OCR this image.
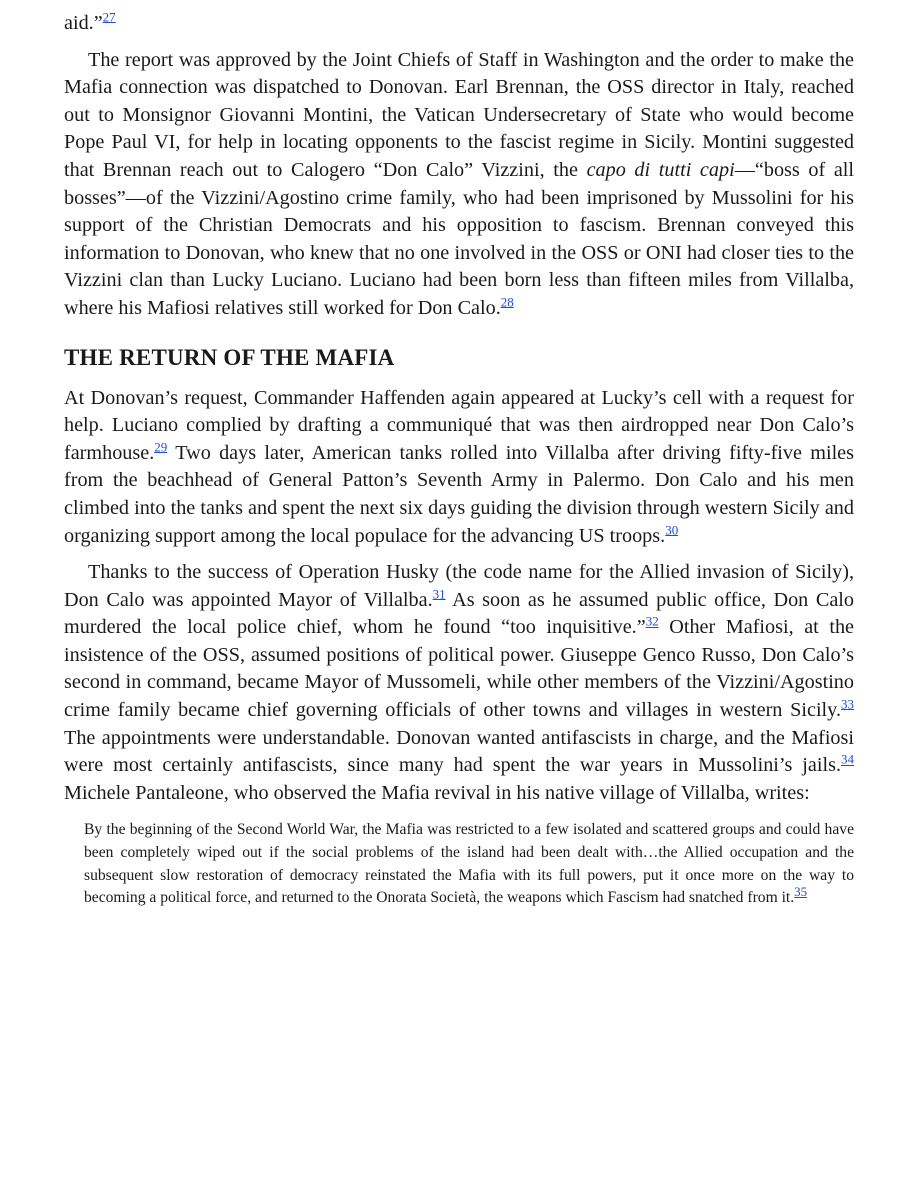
aid.”$^{27}$

The report was approved by the Joint Chiefs of Staff in Washington and the order to make the Mafia connection was dispatched to Donovan. Earl Brennan, the OSS director in Italy, reached out to Monsignor Giovanni Montini, the Vatican Undersecretary of State who would become Pope Paul VI, for help in locating opponents to the fascist regime in Sicily. Montini suggested that Brennan reach out to Calogero “Don Calo” Vizzini, the capo di tutti capi—“boss of all bosses”—of the Vizzini/Agostino crime family, who had been imprisoned by Mussolini for his support of the Christian Democrats and his opposition to fascism. Brennan conveyed this information to Donovan, who knew that no one involved in the OSS or ONI had closer ties to the Vizzini clan than Lucky Luciano. Luciano had been born less than fifteen miles from Villalba, where his Mafiosi relatives still worked for Don Calo.$^{28}$

THE RETURN OF THE MAFIA

At Donovan’s request, Commander Haffenden again appeared at Lucky’s cell with a request for help. Luciano complied by drafting a communiqué that was then airdropped near Don Calo’s farmhouse.$^{29}$ Two days later, American tanks rolled into Villalba after driving fifty-five miles from the beachhead of General Patton’s Seventh Army in Palermo. Don Calo and his men climbed into the tanks and spent the next six days guiding the division through western Sicily and organizing support among the local populace for the advancing US troops.$^{30}$

Thanks to the success of Operation Husky (the code name for the Allied invasion of Sicily), Don Calo was appointed Mayor of Villalba.$^{31}$ As soon as he assumed public office, Don Calo murdered the local police chief, whom he found “too inquisitive.”$^{32}$ Other Mafiosi, at the insistence of the OSS, assumed positions of political power. Giuseppe Genco Russo, Don Calo’s second in command, became Mayor of Mussomeli, while other members of the Vizzini/Agostino crime family became chief governing officials of other towns and villages in western Sicily.$^{33}$ The appointments were understandable. Donovan wanted antifascists in charge, and the Mafiosi were most certainly antifascists, since many had spent the war years in Mussolini’s jails.$^{34}$ Michele Pantaleone, who observed the Mafia revival in his native village of Villalba, writes:

By the beginning of the Second World War, the Mafia was restricted to a few isolated and scattered groups and could have been completely wiped out if the social problems of the island had been dealt with…the Allied occupation and the subsequent slow restoration of democracy reinstated the Mafia with its full powers, put it once more on the way to becoming a political force, and returned to the Onorata Società, the weapons which Fascism had snatched from it.$^{35}$
